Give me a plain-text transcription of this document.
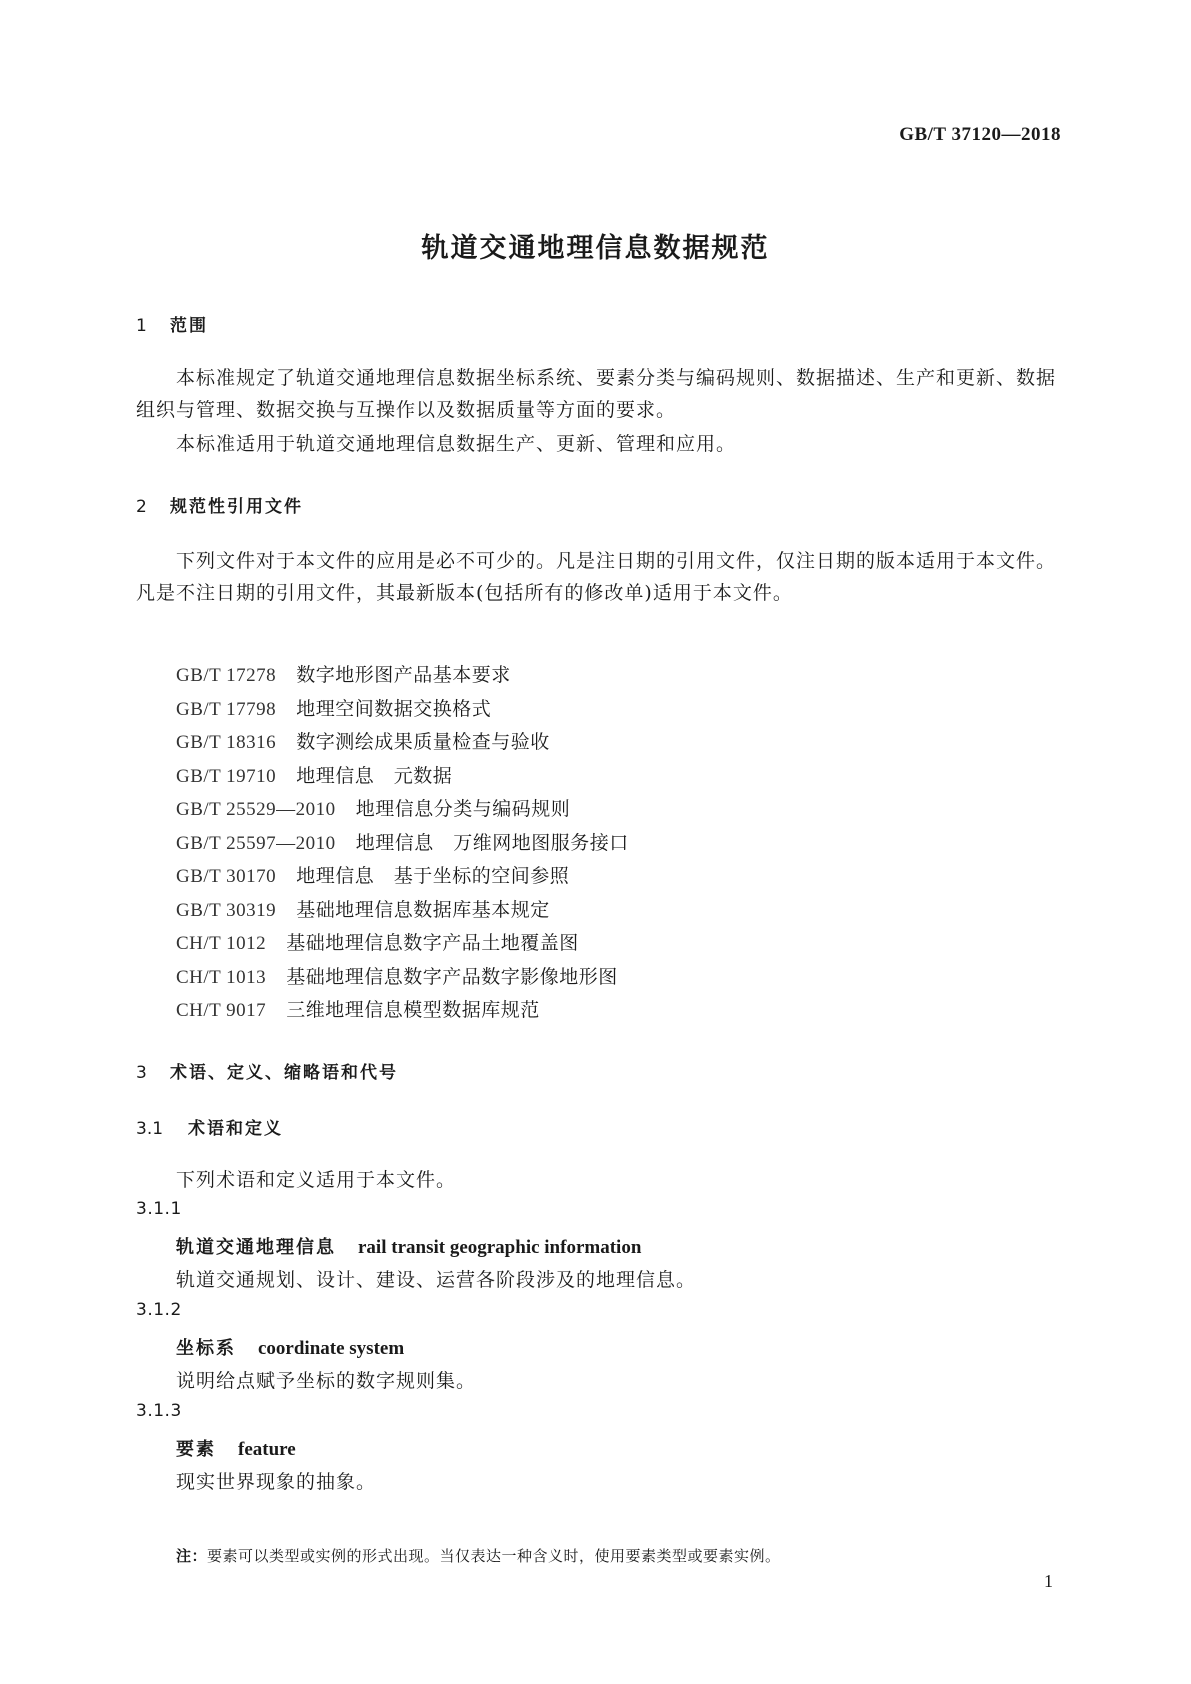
GB/T 37120—2018
轨道交通地理信息数据规范
1 范围
本标准规定了轨道交通地理信息数据坐标系统、要素分类与编码规则、数据描述、生产和更新、数据组织与管理、数据交换与互操作以及数据质量等方面的要求。
本标准适用于轨道交通地理信息数据生产、更新、管理和应用。
2 规范性引用文件
下列文件对于本文件的应用是必不可少的。凡是注日期的引用文件，仅注日期的版本适用于本文件。凡是不注日期的引用文件，其最新版本(包括所有的修改单)适用于本文件。
GB/T 17278 数字地形图产品基本要求
GB/T 17798 地理空间数据交换格式
GB/T 18316 数字测绘成果质量检查与验收
GB/T 19710 地理信息　元数据
GB/T 25529—2010 地理信息分类与编码规则
GB/T 25597—2010 地理信息　万维网地图服务接口
GB/T 30170 地理信息　基于坐标的空间参照
GB/T 30319 基础地理信息数据库基本规定
CH/T 1012 基础地理信息数字产品土地覆盖图
CH/T 1013 基础地理信息数字产品数字影像地形图
CH/T 9017 三维地理信息模型数据库规范
3 术语、定义、缩略语和代号
3.1 术语和定义
下列术语和定义适用于本文件。
3.1.1
轨道交通地理信息 rail transit geographic information
轨道交通规划、设计、建设、运营各阶段涉及的地理信息。
3.1.2
坐标系 coordinate system
说明给点赋予坐标的数字规则集。
3.1.3
要素 feature
现实世界现象的抽象。
注：要素可以类型或实例的形式出现。当仅表达一种含义时，使用要素类型或要素实例。
1
